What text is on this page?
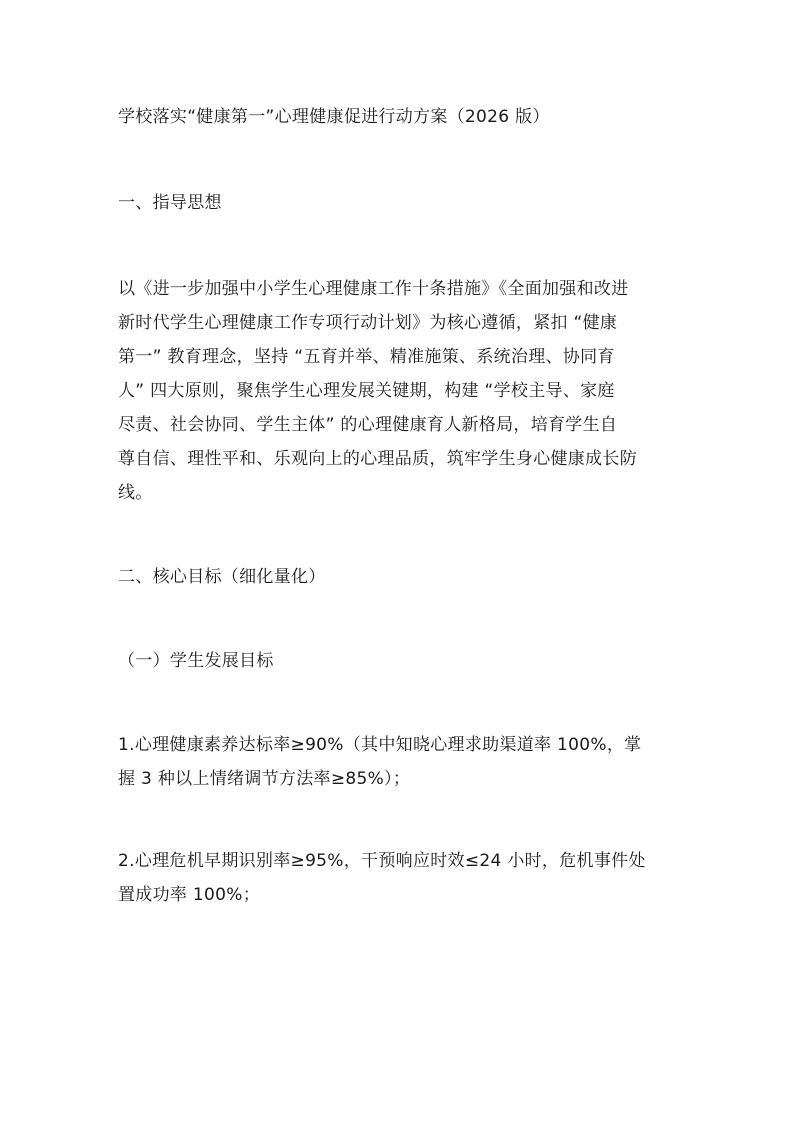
学校落实“健康第一”心理健康促进行动方案（2026 版）

一、指导思想

以《进一步加强中小学生心理健康工作十条措施》《全面加强和改进
新时代学生心理健康工作专项行动计划》为核心遵循，紧扣 “健康
第一” 教育理念，坚持 “五育并举、精准施策、系统治理、协同育
人” 四大原则，聚焦学生心理发展关键期，构建 “学校主导、家庭
尽责、社会协同、学生主体” 的心理健康育人新格局，培育学生自
尊自信、理性平和、乐观向上的心理品质，筑牢学生身心健康成长防
线。

二、核心目标（细化量化）

（一）学生发展目标

1.心理健康素养达标率≥90%（其中知晓心理求助渠道率 100%，掌
握 3 种以上情绪调节方法率≥85%）；

2.心理危机早期识别率≥95%，干预响应时效≤24 小时，危机事件处
置成功率 100%；
